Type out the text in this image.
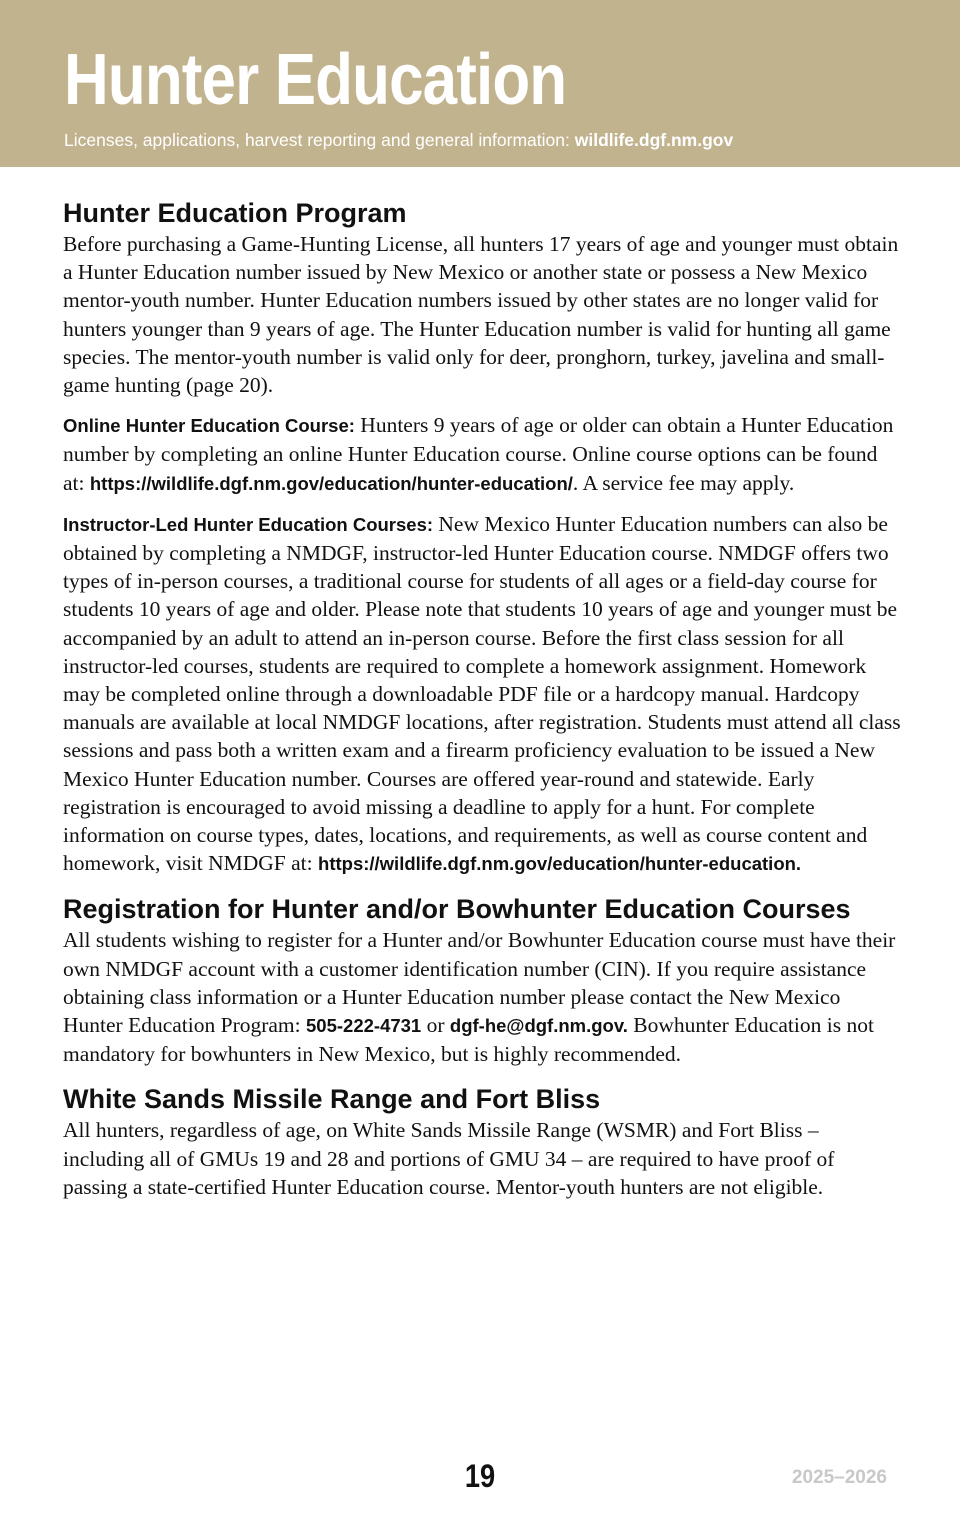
Hunter Education
Licenses, applications, harvest reporting and general information: wildlife.dgf.nm.gov
Hunter Education Program

Before purchasing a Game-Hunting License, all hunters 17 years of age and younger must obtain a Hunter Education number issued by New Mexico or another state or possess a New Mexico mentor-youth number. Hunter Education numbers issued by other states are no longer valid for hunters younger than 9 years of age. The Hunter Education number is valid for hunting all game species. The mentor-youth number is valid only for deer, pronghorn, turkey, javelina and small-game hunting (page 20).

Online Hunter Education Course: Hunters 9 years of age or older can obtain a Hunter Education number by completing an online Hunter Education course. Online course options can be found at: https://wildlife.dgf.nm.gov/education/hunter-education/. A service fee may apply.

Instructor-Led Hunter Education Courses: New Mexico Hunter Education numbers can also be obtained by completing a NMDGF, instructor-led Hunter Education course. NMDGF offers two types of in-person courses, a traditional course for students of all ages or a field-day course for students 10 years of age and older. Please note that students 10 years of age and younger must be accompanied by an adult to attend an in-person course. Before the first class session for all instructor-led courses, students are required to complete a homework assignment. Homework may be completed online through a downloadable PDF file or a hardcopy manual. Hardcopy manuals are available at local NMDGF locations, after registration. Students must attend all class sessions and pass both a written exam and a firearm proficiency evaluation to be issued a New Mexico Hunter Education number. Courses are offered year-round and statewide. Early registration is encouraged to avoid missing a deadline to apply for a hunt. For complete information on course types, dates, locations, and requirements, as well as course content and homework, visit NMDGF at: https://wildlife.dgf.nm.gov/education/hunter-education.

Registration for Hunter and/or Bowhunter Education Courses

All students wishing to register for a Hunter and/or Bowhunter Education course must have their own NMDGF account with a customer identification number (CIN). If you require assistance obtaining class information or a Hunter Education number please contact the New Mexico Hunter Education Program: 505-222-4731 or dgf-he@dgf.nm.gov. Bowhunter Education is not mandatory for bowhunters in New Mexico, but is highly recommended.

White Sands Missile Range and Fort Bliss

All hunters, regardless of age, on White Sands Missile Range (WSMR) and Fort Bliss – including all of GMUs 19 and 28 and portions of GMU 34 – are required to have proof of passing a state-certified Hunter Education course. Mentor-youth hunters are not eligible.

19	2025–2026
